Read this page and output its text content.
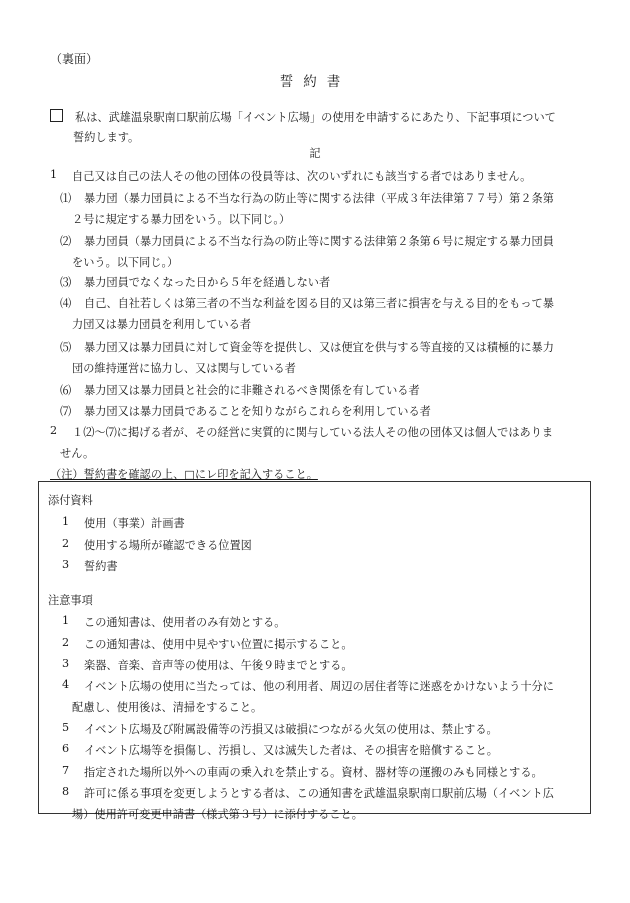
（裏面）
誓約書
私は、武雄温泉駅南口駅前広場「イベント広場」の使用を申請するにあたり、下記事項について
誓約します。
記
1 自己又は自己の法人その他の団体の役員等は、次のいずれにも該当する者ではありません。
⑴ 暴力団（暴力団員による不当な行為の防止等に関する法律（平成３年法律第７７号）第２条第
２号に規定する暴力団をいう。以下同じ。）
⑵ 暴力団員（暴力団員による不当な行為の防止等に関する法律第２条第６号に規定する暴力団員
をいう。以下同じ。）
⑶ 暴力団員でなくなった日から５年を経過しない者
⑷ 自己、自社若しくは第三者の不当な利益を図る目的又は第三者に損害を与える目的をもって暴
力団又は暴力団員を利用している者
⑸ 暴力団又は暴力団員に対して資金等を提供し、又は便宜を供与する等直接的又は積極的に暴力
団の維持運営に協力し、又は関与している者
⑹ 暴力団又は暴力団員と社会的に非難されるべき関係を有している者
⑺ 暴力団又は暴力団員であることを知りながらこれらを利用している者
2 １⑵～⑺に掲げる者が、その経営に実質的に関与している法人その他の団体又は個人ではありま
せん。
（注）誓約書を確認の上、□にレ印を記入すること。
添付資料
1 使用（事業）計画書
2 使用する場所が確認できる位置図
3 誓約書
注意事項
1 この通知書は、使用者のみ有効とする。
2 この通知書は、使用中見やすい位置に掲示すること。
3 楽器、音楽、音声等の使用は、午後９時までとする。
4 イベント広場の使用に当たっては、他の利用者、周辺の居住者等に迷惑をかけないよう十分に
配慮し、使用後は、清掃をすること。
5 イベント広場及び附属設備等の汚損又は破損につながる火気の使用は、禁止する。
6 イベント広場等を損傷し、汚損し、又は滅失した者は、その損害を賠償すること。
7 指定された場所以外への車両の乗入れを禁止する。資材、器材等の運搬のみも同様とする。
8 許可に係る事項を変更しようとする者は、この通知書を武雄温泉駅南口駅前広場（イベント広
場）使用許可変更申請書（様式第３号）に添付すること。
